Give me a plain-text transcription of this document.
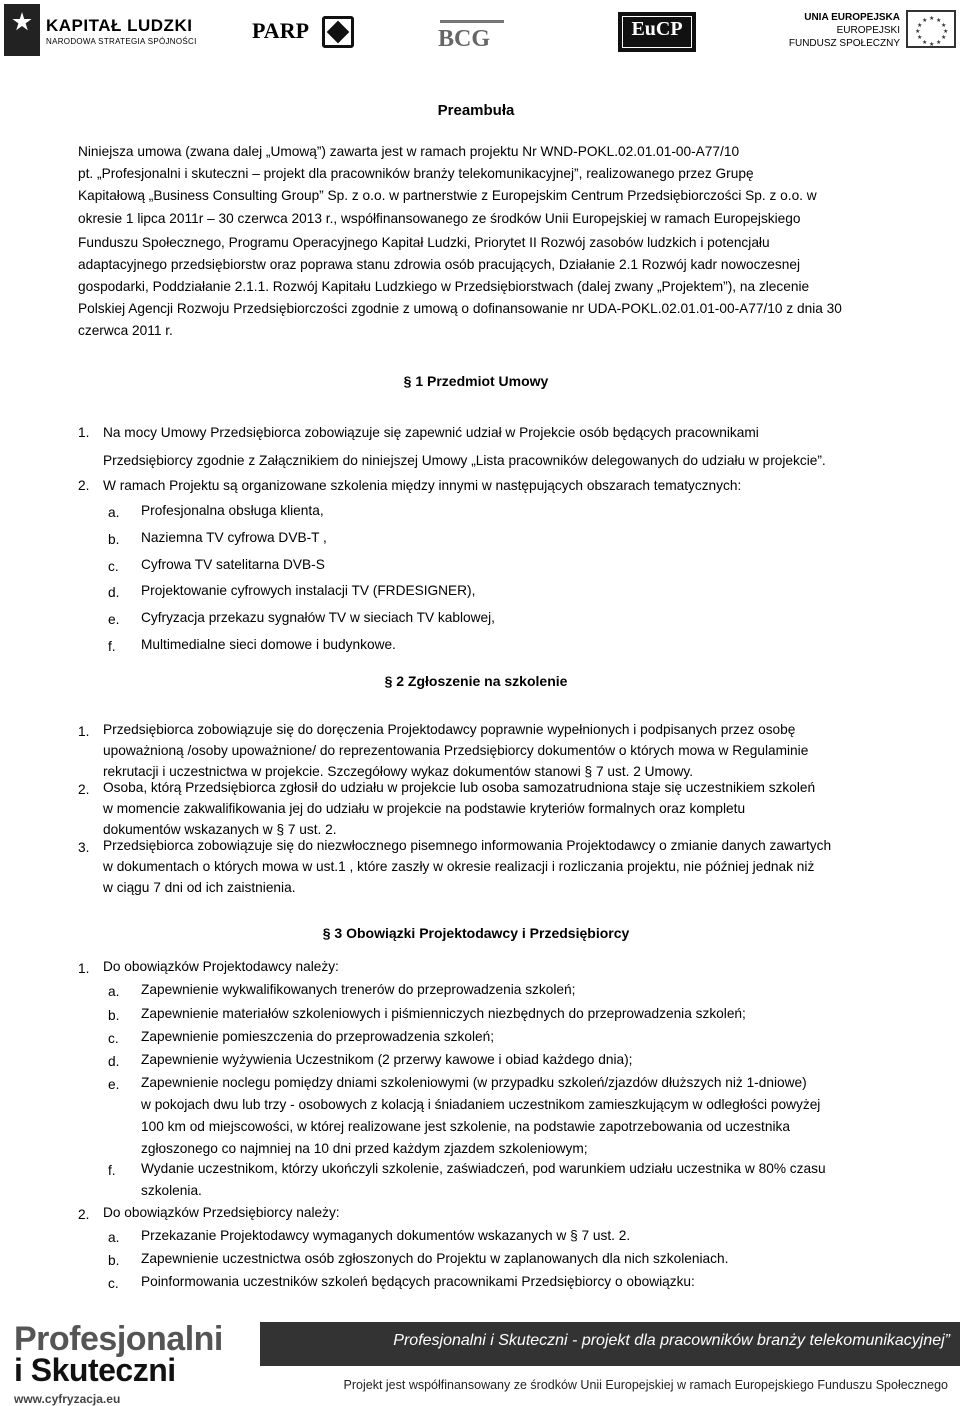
KAPITAŁ LUDZKI
NARODOWA STRATEGIA SPÓJNOŚCI	PARP	BCG	EuCP
UNIA EUROPEJSKA
EUROPEJSKI
FUNDUSZ SPOŁECZNY
★ ★
★
★
★
★
★
★
★
★
★
★
Preambuła
Niniejsza umowa (zwana dalej „Umową”) zawarta jest w ramach projektu Nr WND-POKL.02.01.01-00-A77/10
pt. „Profesjonalni i skuteczni – projekt dla pracowników branży telekomunikacyjnej”, realizowanego przez Grupę
Kapitałową „Business Consulting Group” Sp. z o.o. w partnerstwie z Europejskim Centrum Przedsiębiorczości Sp. z o.o. w
okresie 1 lipca 2011r – 30 czerwca 2013 r., współfinansowanego ze środków Unii Europejskiej w ramach Europejskiego
Funduszu Społecznego, Programu Operacyjnego Kapitał Ludzki, Priorytet II Rozwój zasobów ludzkich i potencjału
adaptacyjnego przedsiębiorstw oraz poprawa stanu zdrowia osób pracujących, Działanie 2.1 Rozwój kadr nowoczesnej
gospodarki, Poddziałanie 2.1.1. Rozwój Kapitału Ludzkiego w Przedsiębiorstwach (dalej zwany „Projektem”), na zlecenie
Polskiej Agencji Rozwoju Przedsiębiorczości zgodnie z umową o dofinansowanie nr UDA-POKL.02.01.01-00-A77/10 z dnia 30
czerwca 2011 r.
§ 1 Przedmiot Umowy
1. Na mocy Umowy Przedsiębiorca zobowiązuje się zapewnić udział w Projekcie osób będących pracownikami
Przedsiębiorcy zgodnie z Załącznikiem do niniejszej Umowy „Lista pracowników delegowanych do udziału w projekcie”.
2. W ramach Projektu są organizowane szkolenia między innymi w następujących obszarach tematycznych:
a. Profesjonalna obsługa klienta,
b. Naziemna TV cyfrowa DVB-T ,
c. Cyfrowa TV satelitarna DVB-S
d. Projektowanie cyfrowych instalacji TV (FRDESIGNER),
e. Cyfryzacja przekazu sygnałów TV w sieciach TV kablowej,
f. Multimedialne sieci domowe i budynkowe.
§ 2 Zgłoszenie na szkolenie
1. Przedsiębiorca zobowiązuje się do doręczenia Projektodawcy poprawnie wypełnionych i podpisanych przez osobę
upoważnioną /osoby upoważnione/ do reprezentowania Przedsiębiorcy dokumentów o których mowa w Regulaminie
rekrutacji i uczestnictwa w projekcie. Szczegółowy wykaz dokumentów stanowi § 7 ust. 2 Umowy.
2. Osoba, którą Przedsiębiorca zgłosił do udziału w projekcie lub osoba samozatrudniona staje się uczestnikiem szkoleń
w momencie zakwalifikowania jej do udziału w projekcie na podstawie kryteriów formalnych oraz kompletu
dokumentów wskazanych w § 7 ust. 2.
3. Przedsiębiorca zobowiązuje się do niezwłocznego pisemnego informowania Projektodawcy o zmianie danych zawartych
w dokumentach o których mowa w ust.1 , które zaszły w okresie realizacji i rozliczania projektu, nie później jednak niż
w ciągu 7 dni od ich zaistnienia.
§ 3 Obowiązki Projektodawcy i Przedsiębiorcy
1. Do obowiązków Projektodawcy należy:
a. Zapewnienie wykwalifikowanych trenerów do przeprowadzenia szkoleń;
b. Zapewnienie materiałów szkoleniowych i piśmienniczych niezbędnych do przeprowadzenia szkoleń;
c. Zapewnienie pomieszczenia do przeprowadzenia szkoleń;
d. Zapewnienie wyżywienia Uczestnikom (2 przerwy kawowe i obiad każdego dnia);
e. Zapewnienie noclegu pomiędzy dniami szkoleniowymi (w przypadku szkoleń/zjazdów dłuższych niż 1-dniowe)
w pokojach dwu lub trzy - osobowych z kolacją i śniadaniem uczestnikom zamieszkującym w odległości powyżej
100 km od miejscowości, w której realizowane jest szkolenie, na podstawie zapotrzebowania od uczestnika
zgłoszonego co najmniej na 10 dni przed każdym zjazdem szkoleniowym;
f. Wydanie uczestnikom, którzy ukończyli szkolenie, zaświadczeń, pod warunkiem udziału uczestnika w 80% czasu
szkolenia.
2. Do obowiązków Przedsiębiorcy należy:
a. Przekazanie Projektodawcy wymaganych dokumentów wskazanych w § 7 ust. 2.
b. Zapewnienie uczestnictwa osób zgłoszonych do Projektu w zaplanowanych dla nich szkoleniach.
c. Poinformowania uczestników szkoleń będących pracownikami Przedsiębiorcy o obowiązku:
Profesjonalni
i Skuteczni
www.cyfryzacja.eu
Profesjonalni i Skuteczni - projekt dla pracowników branży telekomunikacyjnej”
Projekt jest współfinansowany ze środków Unii Europejskiej w ramach Europejskiego Funduszu Społecznego
